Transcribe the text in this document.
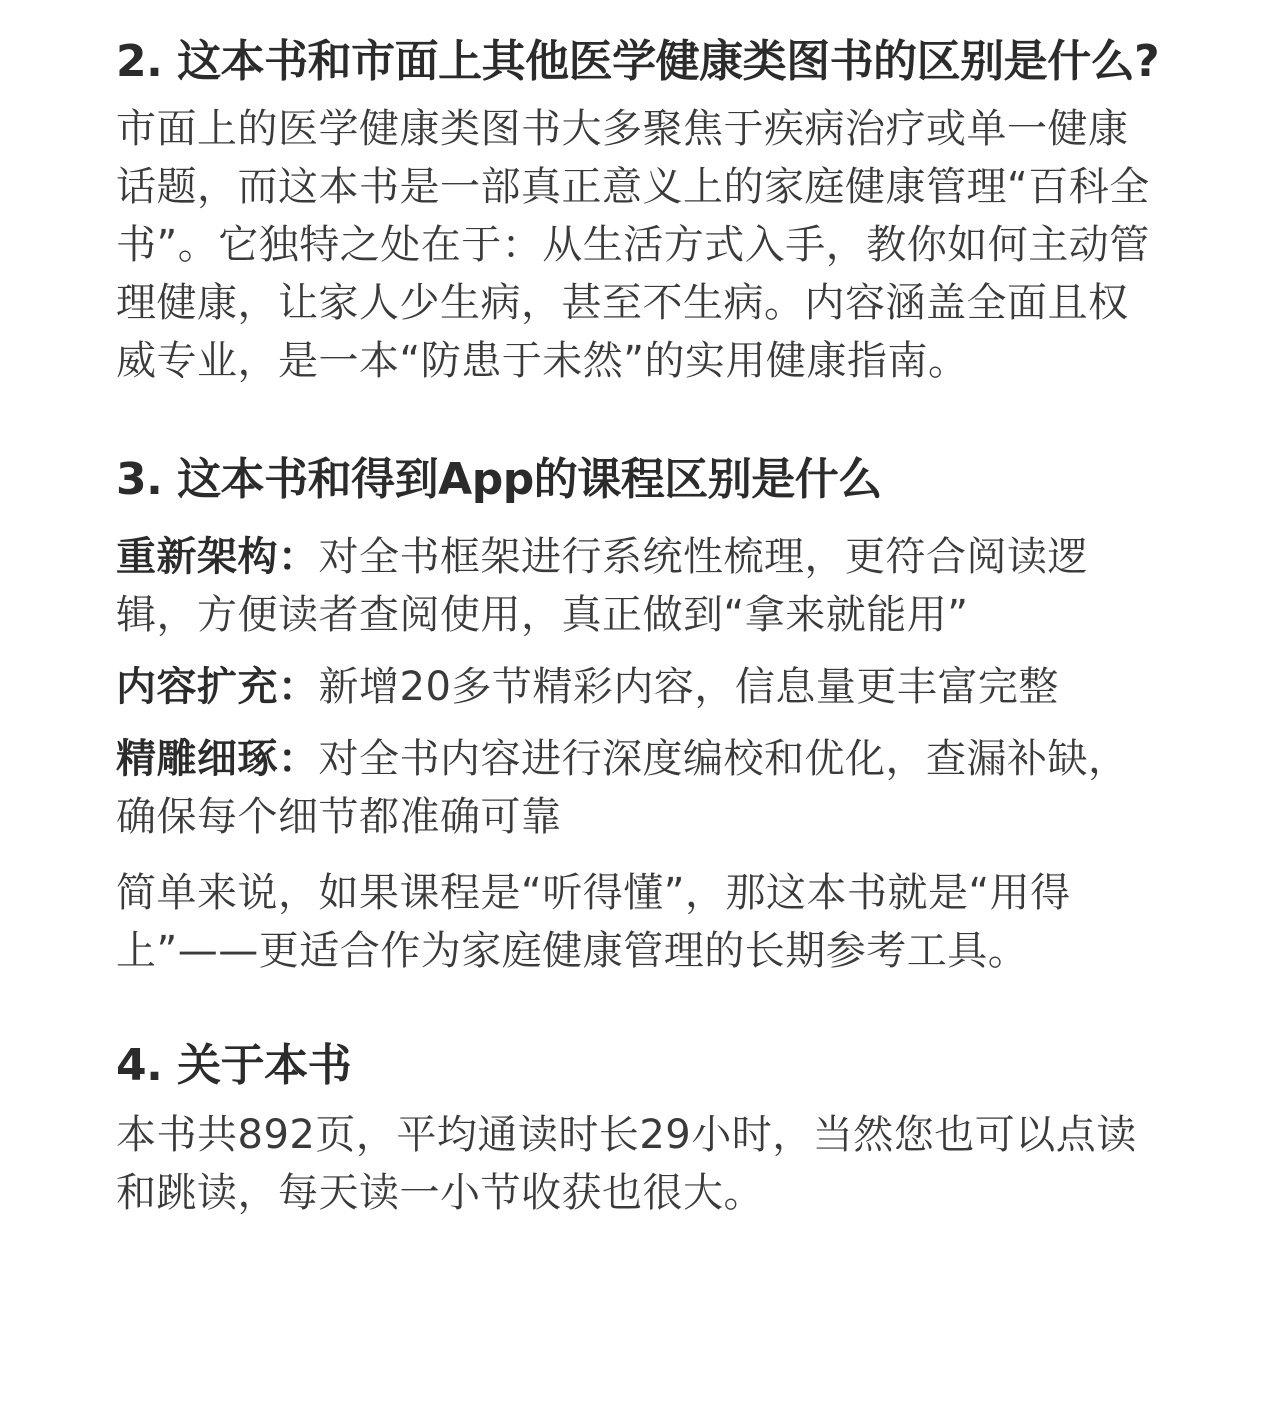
2. 这本书和市面上其他医学健康类图书的区别是什么?

市面上的医学健康类图书大多聚焦于疾病治疗或单一健康话题，而这本书是一部真正意义上的家庭健康管理“百科全书”。它独特之处在于：从生活方式入手，教你如何主动管理健康，让家人少生病，甚至不生病。内容涵盖全面且权威专业，是一本“防患于未然”的实用健康指南。

3. 这本书和得到App的课程区别是什么

重新架构：对全书框架进行系统性梳理，更符合阅读逻辑，方便读者查阅使用，真正做到“拿来就能用”

内容扩充：新增20多节精彩内容，信息量更丰富完整

精雕细琢：对全书内容进行深度编校和优化，查漏补缺，确保每个细节都准确可靠

简单来说，如果课程是“听得懂”，那这本书就是“用得上”——更适合作为家庭健康管理的长期参考工具。

4. 关于本书

本书共892页，平均通读时长29小时，当然您也可以点读和跳读，每天读一小节收获也很大。
